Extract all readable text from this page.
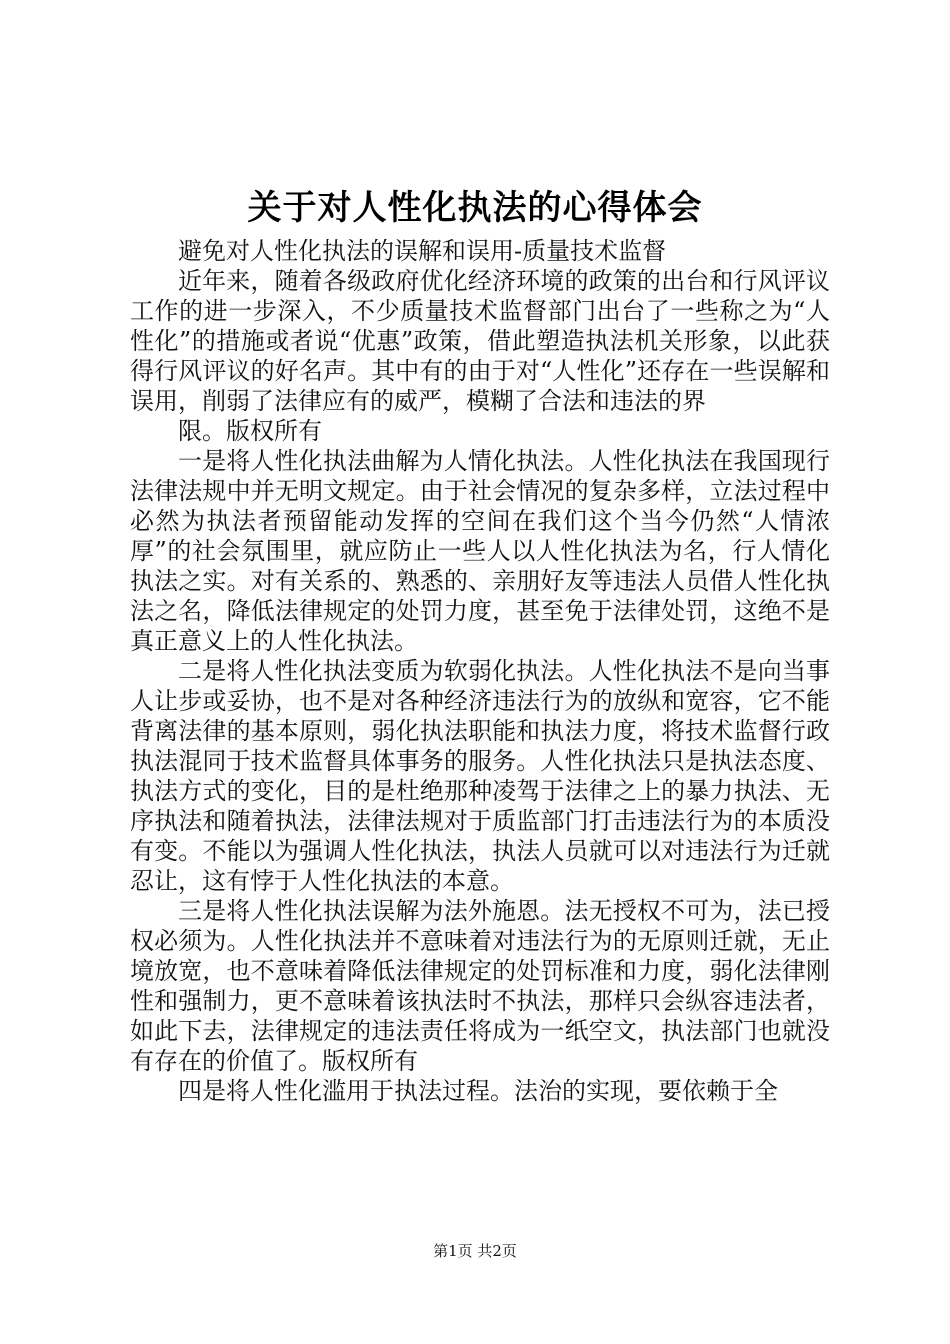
关于对人性化执法的心得体会

避免对人性化执法的误解和误用-质量技术监督

近年来，随着各级政府优化经济环境的政策的出台和行风评议工作的进一步深入，不少质量技术监督部门出台了一些称之为“人性化”的措施或者说“优惠”政策，借此塑造执法机关形象，以此获得行风评议的好名声。其中有的由于对“人性化”还存在一些误解和误用，削弱了法律应有的威严，模糊了合法和违法的界

限。版权所有

一是将人性化执法曲解为人情化执法。人性化执法在我国现行法律法规中并无明文规定。由于社会情况的复杂多样，立法过程中必然为执法者预留能动发挥的空间在我们这个当今仍然“人情浓厚”的社会氛围里，就应防止一些人以人性化执法为名，行人情化执法之实。对有关系的、熟悉的、亲朋好友等违法人员借人性化执法之名，降低法律规定的处罚力度，甚至免于法律处罚，这绝不是真正意义上的人性化执法。

二是将人性化执法变质为软弱化执法。人性化执法不是向当事人让步或妥协，也不是对各种经济违法行为的放纵和宽容，它不能背离法律的基本原则，弱化执法职能和执法力度，将技术监督行政执法混同于技术监督具体事务的服务。人性化执法只是执法态度、执法方式的变化，目的是杜绝那种凌驾于法律之上的暴力执法、无序执法和随着执法，法律法规对于质监部门打击违法行为的本质没有变。不能以为强调人性化执法，执法人员就可以对违法行为迁就忍让，这有悖于人性化执法的本意。

三是将人性化执法误解为法外施恩。法无授权不可为，法已授权必须为。人性化执法并不意味着对违法行为的无原则迁就，无止境放宽，也不意味着降低法律规定的处罚标准和力度，弱化法律刚性和强制力，更不意味着该执法时不执法，那样只会纵容违法者，如此下去，法律规定的违法责任将成为一纸空文，执法部门也就没有存在的价值了。版权所有

四是将人性化滥用于执法过程。法治的实现，要依赖于全

第1页 共2页
